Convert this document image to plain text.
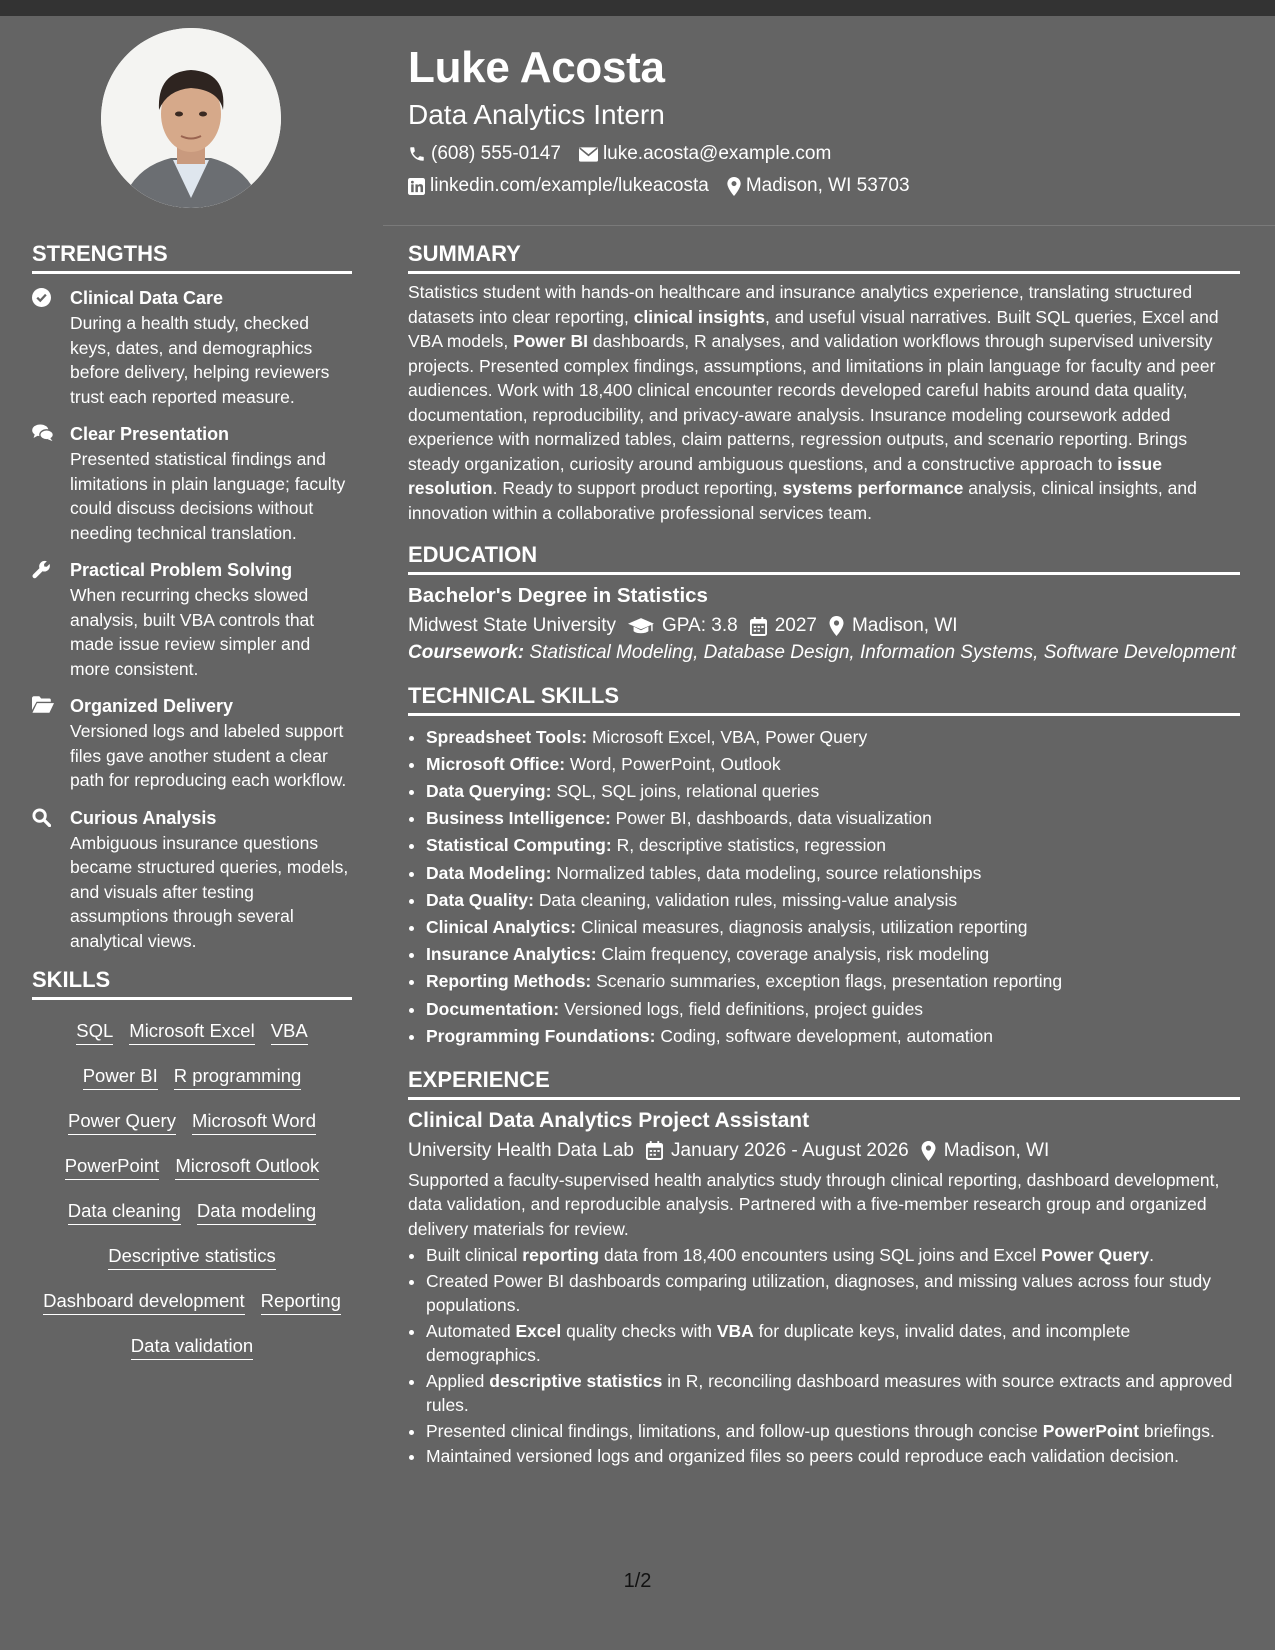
Luke Acosta
Data Analytics Intern
(608) 555-0147 luke.acosta@example.com
linkedin.com/example/lukeacosta Madison, WI 53703
STRENGTHS
Clinical Data Care
During a health study, checked keys, dates, and demographics before delivery, helping reviewers trust each reported measure.
Clear Presentation
Presented statistical findings and limitations in plain language; faculty could discuss decisions without needing technical translation.
Practical Problem Solving
When recurring checks slowed analysis, built VBA controls that made issue review simpler and more consistent.
Organized Delivery
Versioned logs and labeled support files gave another student a clear path for reproducing each workflow.
Curious Analysis
Ambiguous insurance questions became structured queries, models, and visuals after testing assumptions through several analytical views.
SKILLS
SQL Microsoft Excel VBA
Power BI R programming
Power Query Microsoft Word
PowerPoint Microsoft Outlook
Data cleaning Data modeling
Descriptive statistics
Dashboard development Reporting
Data validation
SUMMARY
Statistics student with hands-on healthcare and insurance analytics experience, translating structured datasets into clear reporting, clinical insights, and useful visual narratives. Built SQL queries, Excel and VBA models, Power BI dashboards, R analyses, and validation workflows through supervised university projects. Presented complex findings, assumptions, and limitations in plain language for faculty and peer audiences. Work with 18,400 clinical encounter records developed careful habits around data quality, documentation, reproducibility, and privacy-aware analysis. Insurance modeling coursework added experience with normalized tables, claim patterns, regression outputs, and scenario reporting. Brings steady organization, curiosity around ambiguous questions, and a constructive approach to issue resolution. Ready to support product reporting, systems performance analysis, clinical insights, and innovation within a collaborative professional services team.
EDUCATION
Bachelor's Degree in Statistics
Midwest State University GPA: 3.8 2027 Madison, WI
Coursework: Statistical Modeling, Database Design, Information Systems, Software Development
TECHNICAL SKILLS
• Spreadsheet Tools: Microsoft Excel, VBA, Power Query
• Microsoft Office: Word, PowerPoint, Outlook
• Data Querying: SQL, SQL joins, relational queries
• Business Intelligence: Power BI, dashboards, data visualization
• Statistical Computing: R, descriptive statistics, regression
• Data Modeling: Normalized tables, data modeling, source relationships
• Data Quality: Data cleaning, validation rules, missing-value analysis
• Clinical Analytics: Clinical measures, diagnosis analysis, utilization reporting
• Insurance Analytics: Claim frequency, coverage analysis, risk modeling
• Reporting Methods: Scenario summaries, exception flags, presentation reporting
• Documentation: Versioned logs, field definitions, project guides
• Programming Foundations: Coding, software development, automation
EXPERIENCE
Clinical Data Analytics Project Assistant
University Health Data Lab January 2026 - August 2026 Madison, WI
Supported a faculty-supervised health analytics study through clinical reporting, dashboard development, data validation, and reproducible analysis. Partnered with a five-member research group and organized delivery materials for review.
• Built clinical reporting data from 18,400 encounters using SQL joins and Excel Power Query.
• Created Power BI dashboards comparing utilization, diagnoses, and missing values across four study populations.
• Automated Excel quality checks with VBA for duplicate keys, invalid dates, and incomplete demographics.
• Applied descriptive statistics in R, reconciling dashboard measures with source extracts and approved rules.
• Presented clinical findings, limitations, and follow-up questions through concise PowerPoint briefings.
• Maintained versioned logs and organized files so peers could reproduce each validation decision.
1/2
